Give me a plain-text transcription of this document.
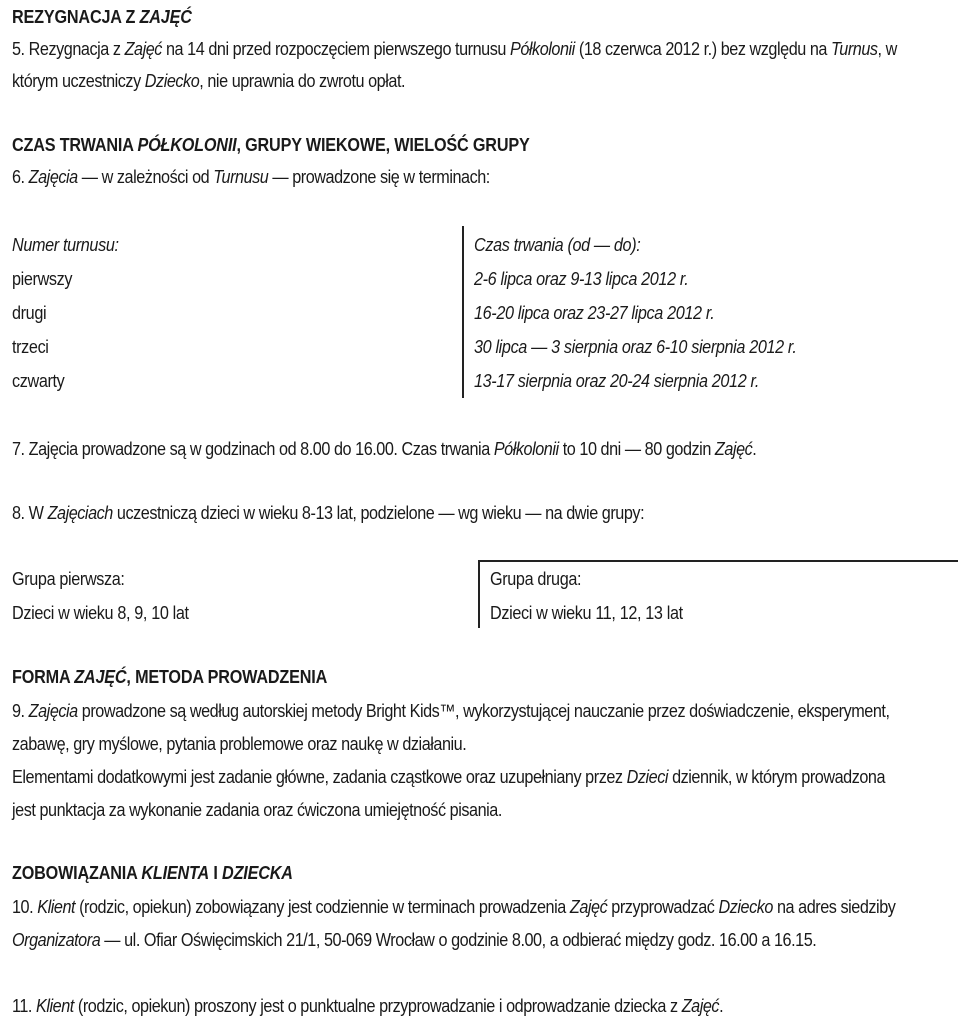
REZYGNACJA Z ZAJĘĆ
5. Rezygnacja z Zajęć na 14 dni przed rozpoczęciem pierwszego turnusu Półkolonii (18 czerwca 2012 r.) bez względu na Turnus, w
którym uczestniczy Dziecko, nie uprawnia do zwrotu opłat.
CZAS TRWANIA PÓŁKOLONII, GRUPY WIEKOWE, WIELOŚĆ GRUPY
6. Zajęcia — w zależności od Turnusu — prowadzone się w terminach:
Numer turnusu:	Czas trwania (od — do):
pierwszy	2-6 lipca oraz 9-13 lipca 2012 r.
drugi	16-20 lipca oraz 23-27 lipca 2012 r.
trzeci	30 lipca — 3 sierpnia oraz 6-10 sierpnia 2012 r.
czwarty	13-17 sierpnia oraz 20-24 sierpnia 2012 r.
7. Zajęcia prowadzone są w godzinach od 8.00 do 16.00. Czas trwania Półkolonii to 10 dni — 80 godzin Zajęć.
8. W Zajęciach uczestniczą dzieci w wieku 8-13 lat, podzielone — wg wieku — na dwie grupy:
Grupa pierwsza:
Dzieci w wieku 8, 9, 10 lat
Grupa druga:
Dzieci w wieku 11, 12, 13 lat
FORMA ZAJĘĆ, METODA PROWADZENIA
9. Zajęcia prowadzone są według autorskiej metody Bright Kids™, wykorzystującej nauczanie przez doświadczenie, eksperyment,
zabawę, gry myślowe, pytania problemowe oraz naukę w działaniu.
Elementami dodatkowymi jest zadanie główne, zadania cząstkowe oraz uzupełniany przez Dzieci dziennik, w którym prowadzona
jest punktacja za wykonanie zadania oraz ćwiczona umiejętność pisania.
ZOBOWIĄZANIA KLIENTA I DZIECKA
10. Klient (rodzic, opiekun) zobowiązany jest codziennie w terminach prowadzenia Zajęć przyprowadzać Dziecko na adres siedziby
Organizatora — ul. Ofiar Oświęcimskich 21/1, 50-069 Wrocław o godzinie 8.00, a odbierać między godz. 16.00 a 16.15.
11. Klient (rodzic, opiekun) proszony jest o punktualne przyprowadzanie i odprowadzanie dziecka z Zajęć.
